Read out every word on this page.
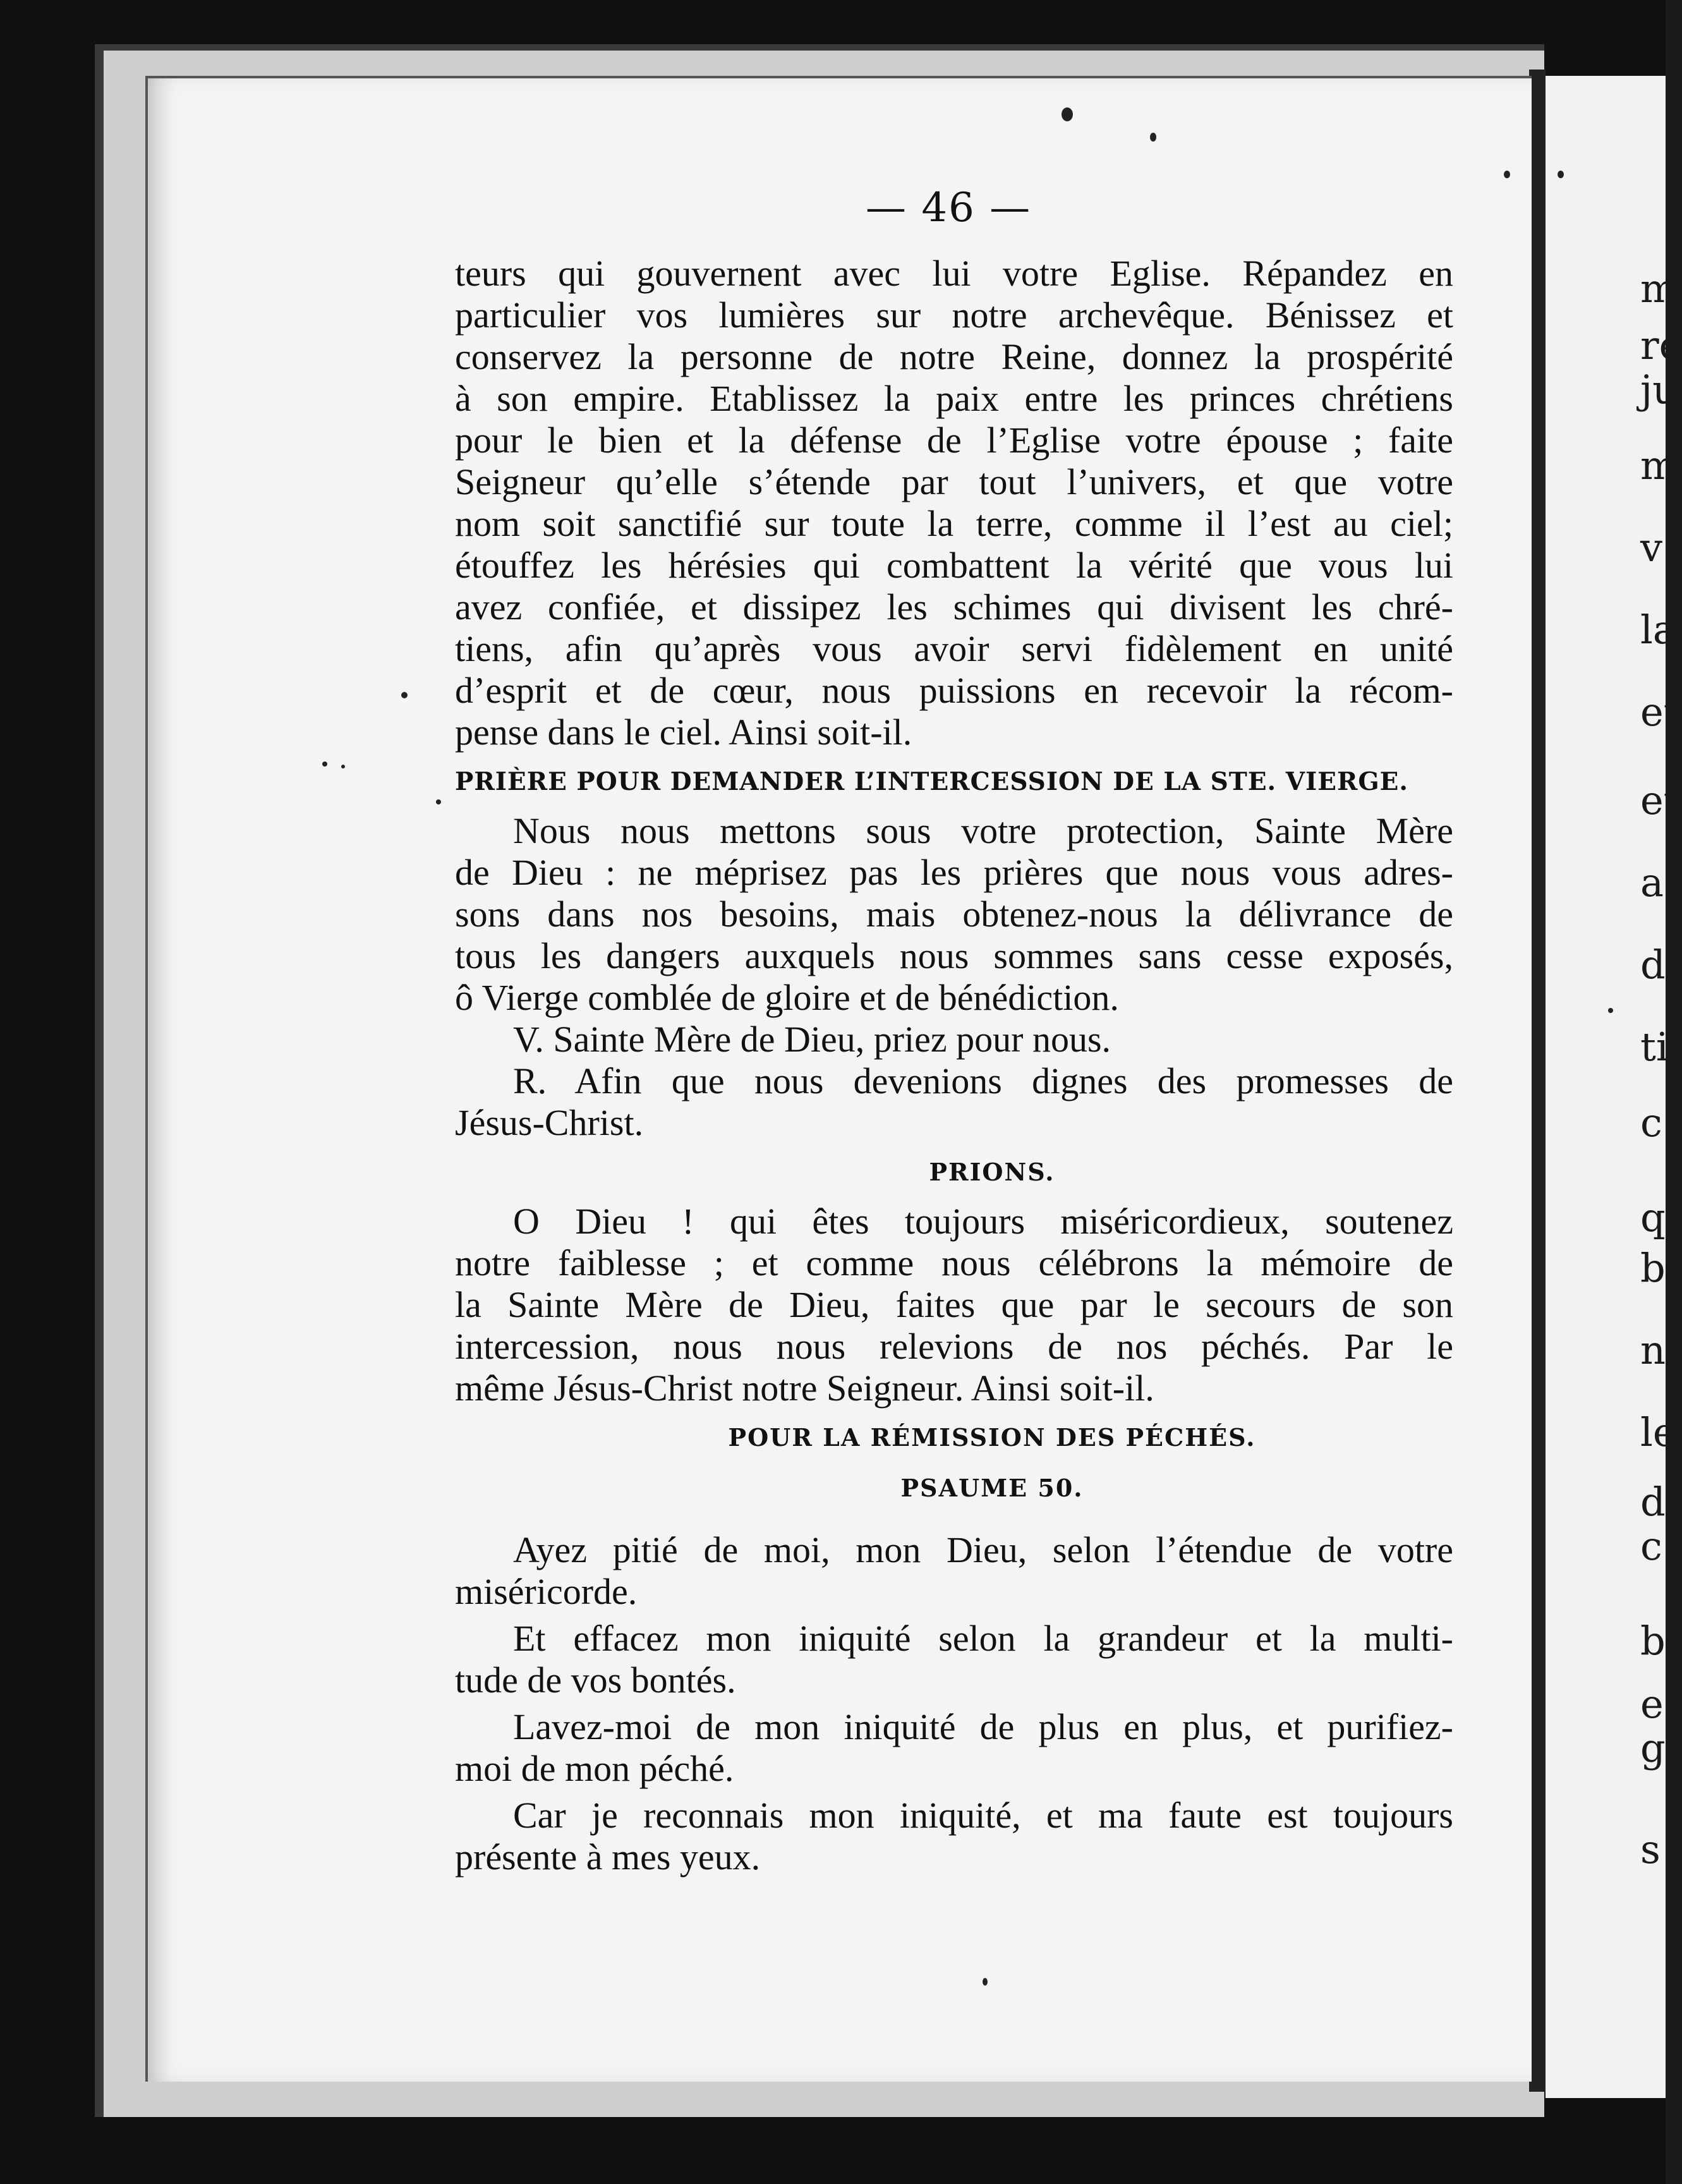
m
re
ju
m
v
la
et
et
a
d
ti
c
q
b
n
le
d
c
b
e
g
s
— 46 —
teurs qui gouvernent avec lui votre Eglise. Répandez en
particulier vos lumières sur notre archevêque. Bénissez et
conservez la personne de notre Reine, donnez la prospérité
à son empire. Etablissez la paix entre les princes chrétiens
pour le bien et la défense de l’Eglise votre épouse ; faite
Seigneur qu’elle s’étende par tout l’univers, et que votre
nom soit sanctifié sur toute la terre, comme il l’est au ciel;
étouffez les hérésies qui combattent la vérité que vous lui
avez confiée, et dissipez les schimes qui divisent les chré-
tiens, afin qu’après vous avoir servi fidèlement en unité
d’esprit et de cœur, nous puissions en recevoir la récom-
pense dans le ciel. Ainsi soit-il.
PRIÈRE POUR DEMANDER L’INTERCESSION DE LA STE. VIERGE.
Nous nous mettons sous votre protection, Sainte Mère
de Dieu : ne méprisez pas les prières que nous vous adres-
sons dans nos besoins, mais obtenez-nous la délivrance de
tous les dangers auxquels nous sommes sans cesse exposés,
ô Vierge comblée de gloire et de bénédiction.
V. Sainte Mère de Dieu, priez pour nous.
R. Afin que nous devenions dignes des promesses de
Jésus-Christ.
PRIONS.
O Dieu ! qui êtes toujours miséricordieux, soutenez
notre faiblesse ; et comme nous célébrons la mémoire de
la Sainte Mère de Dieu, faites que par le secours de son
intercession, nous nous relevions de nos péchés. Par le
même Jésus-Christ notre Seigneur. Ainsi soit-il.
POUR LA RÉMISSION DES PÉCHÉS.
PSAUME 50.
Ayez pitié de moi, mon Dieu, selon l’étendue de votre
miséricorde.
Et effacez mon iniquité selon la grandeur et la multi-
tude de vos bontés.
Lavez-moi de mon iniquité de plus en plus, et purifiez-
moi de mon péché.
Car je reconnais mon iniquité, et ma faute est toujours
présente à mes yeux.
